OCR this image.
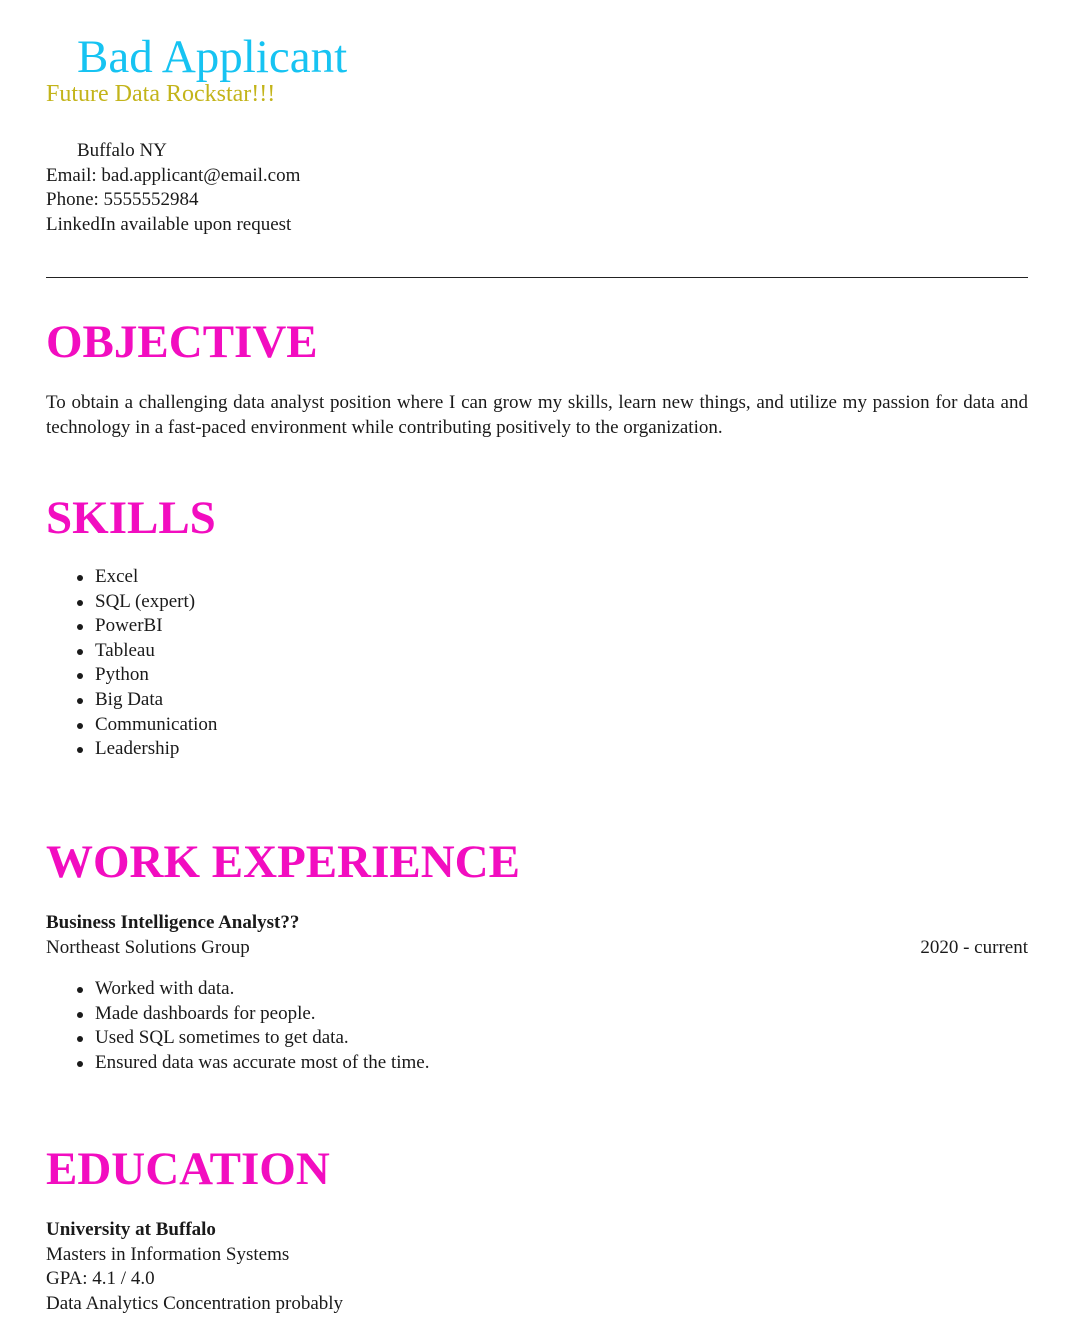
Bad Applicant
Future Data Rockstar!!!
Buffalo NY
Email: bad.applicant@email.com
Phone: 5555552984
LinkedIn available upon request
OBJECTIVE
To obtain a challenging data analyst position where I can grow my skills, learn new things, and utilize my passion for data and technology in a fast-paced environment while contributing positively to the organization.
SKILLS
Excel
SQL (expert)
PowerBI
Tableau
Python
Big Data
Communication
Leadership
WORK EXPERIENCE
Business Intelligence Analyst??
Northeast Solutions Group	2020 - current
Worked with data.
Made dashboards for people.
Used SQL sometimes to get data.
Ensured data was accurate most of the time.
EDUCATION
University at Buffalo
Masters in Information Systems
GPA: 4.1 / 4.0
Data Analytics Concentration probably
